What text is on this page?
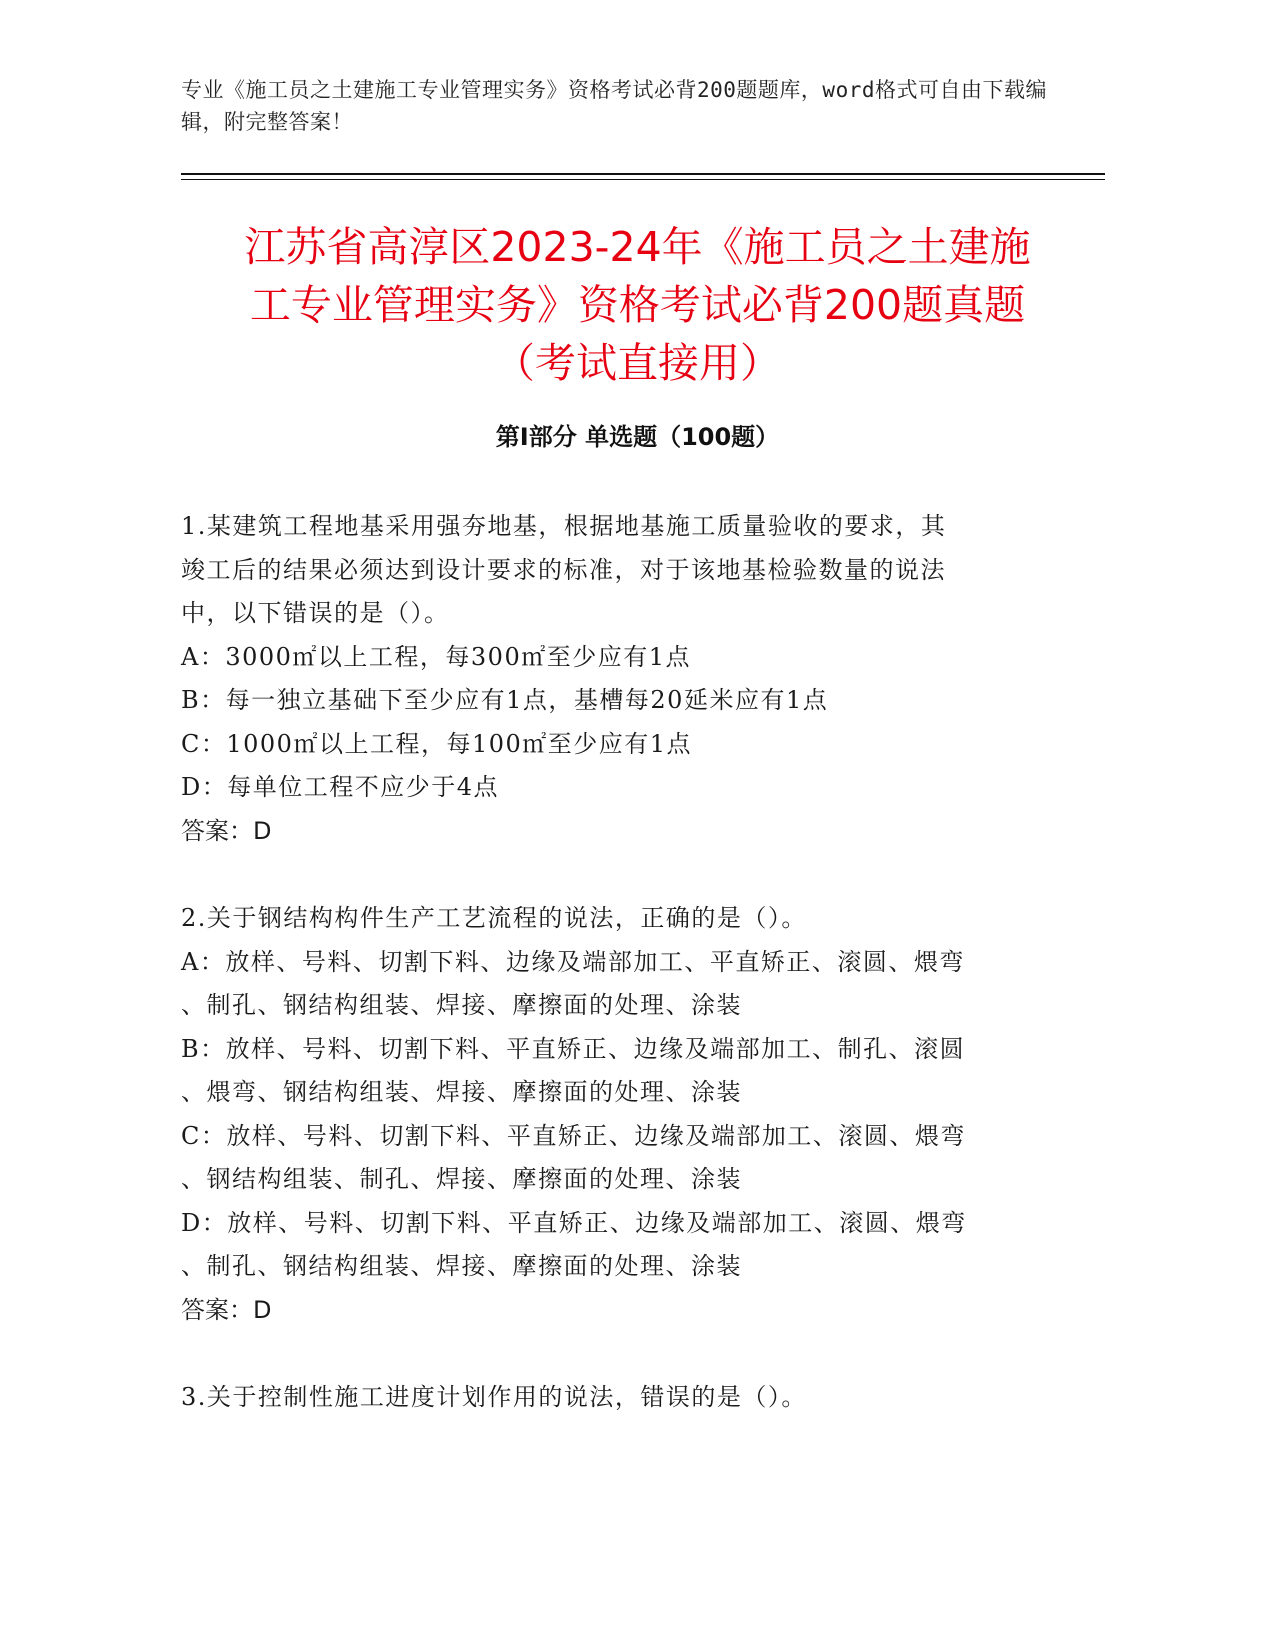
专业《施工员之土建施工专业管理实务》资格考试必背200题题库，word格式可自由下载编辑，附完整答案！
江苏省高淳区2023-24年《施工员之土建施
工专业管理实务》资格考试必背200题真题
（考试直接用）
第I部分 单选题（100题）
1.某建筑工程地基采用强夯地基，根据地基施工质量验收的要求，其
竣工后的结果必须达到设计要求的标准，对于该地基检验数量的说法
中，以下错误的是（）。
A：3000㎡以上工程，每300㎡至少应有1点
B：每一独立基础下至少应有1点，基槽每20延米应有1点
C：1000㎡以上工程，每100㎡至少应有1点
D：每单位工程不应少于4点
答案：D
2.关于钢结构构件生产工艺流程的说法，正确的是（）。
A：放样、号料、切割下料、边缘及端部加工、平直矫正、滚圆、煨弯
、制孔、钢结构组装、焊接、摩擦面的处理、涂装
B：放样、号料、切割下料、平直矫正、边缘及端部加工、制孔、滚圆
、煨弯、钢结构组装、焊接、摩擦面的处理、涂装
C：放样、号料、切割下料、平直矫正、边缘及端部加工、滚圆、煨弯
、钢结构组装、制孔、焊接、摩擦面的处理、涂装
D：放样、号料、切割下料、平直矫正、边缘及端部加工、滚圆、煨弯
、制孔、钢结构组装、焊接、摩擦面的处理、涂装
答案：D
3.关于控制性施工进度计划作用的说法，错误的是（）。
